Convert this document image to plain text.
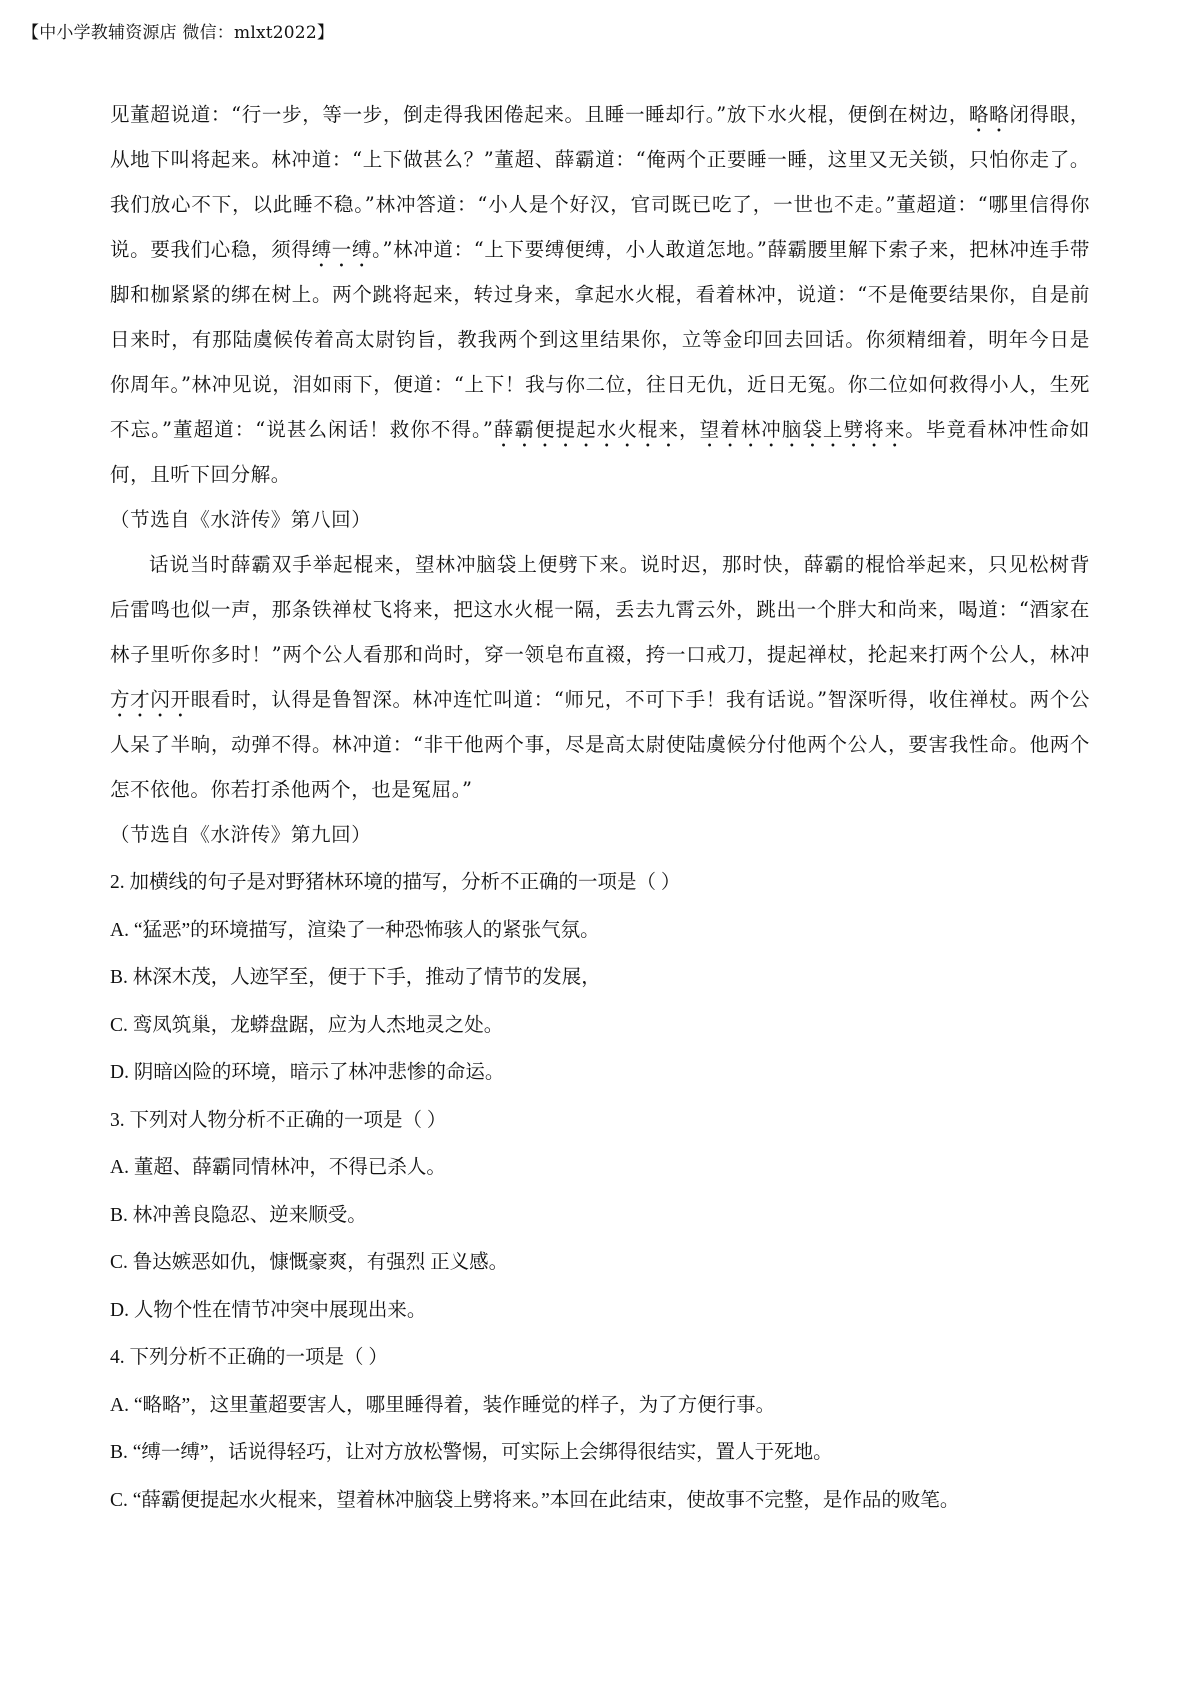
【中小学教辅资源店 微信：mlxt2022】

见董超说道：“行一步，等一步，倒走得我困倦起来。且睡一睡却行。”放下水火棍，便倒在树边，略略闭得眼，从地下叫将起来。林冲道：“上下做甚么？”董超、薛霸道：“俺两个正要睡一睡，这里又无关锁，只怕你走了。我们放心不下，以此睡不稳。”林冲答道：“小人是个好汉，官司既已吃了，一世也不走。”董超道：“哪里信得你说。要我们心稳，须得缚一缚。”林冲道：“上下要缚便缚，小人敢道怎地。”薛霸腰里解下索子来，把林冲连手带脚和枷紧紧的绑在树上。两个跳将起来，转过身来，拿起水火棍，看着林冲，说道：“不是俺要结果你，自是前日来时，有那陆虞候传着高太尉钧旨，教我两个到这里结果你，立等金印回去回话。你须精细着，明年今日是你周年。”林冲见说，泪如雨下，便道：“上下！我与你二位，往日无仇，近日无冤。你二位如何救得小人，生死不忘。”董超道：“说甚么闲话！救你不得。”薛霸便提起水火棍来，望着林冲脑袋上劈将来。毕竟看林冲性命如何，且听下回分解。

（节选自《水浒传》第八回）

话说当时薛霸双手举起棍来，望林冲脑袋上便劈下来。说时迟，那时快，薛霸的棍恰举起来，只见松树背后雷鸣也似一声，那条铁禅杖飞将来，把这水火棍一隔，丢去九霄云外，跳出一个胖大和尚来，喝道：“酒家在林子里听你多时！”两个公人看那和尚时，穿一领皂布直裰，挎一口戒刀，提起禅杖，抡起来打两个公人，林冲方才闪开眼看时，认得是鲁智深。林冲连忙叫道：“师兄，不可下手！我有话说。”智深听得，收住禅杖。两个公人呆了半晌，动弹不得。林冲道：“非干他两个事，尽是高太尉使陆虞候分付他两个公人，要害我性命。他两个怎不依他。你若打杀他两个，也是冤屈。”

（节选自《水浒传》第九回）

2. 加横线的句子是对野猪林环境的描写，分析不正确的一项是（ ）

A. “猛恶”的环境描写，渲染了一种恐怖骇人的紧张气氛。

B. 林深木茂，人迹罕至，便于下手，推动了情节的发展，

C. 鸾凤筑巢，龙蟒盘踞，应为人杰地灵之处。

D. 阴暗凶险的环境，暗示了林冲悲惨的命运。

3. 下列对人物分析不正确的一项是（ ）

A. 董超、薛霸同情林冲，不得已杀人。

B. 林冲善良隐忍、逆来顺受。

C. 鲁达嫉恶如仇，慷慨豪爽，有强烈 正义感。

D. 人物个性在情节冲突中展现出来。

4. 下列分析不正确的一项是（ ）

A. “略略”，这里董超要害人，哪里睡得着，装作睡觉的样子，为了方便行事。

B. “缚一缚”，话说得轻巧，让对方放松警惕，可实际上会绑得很结实，置人于死地。

C. “薛霸便提起水火棍来，望着林冲脑袋上劈将来。”本回在此结束，使故事不完整，是作品的败笔。
